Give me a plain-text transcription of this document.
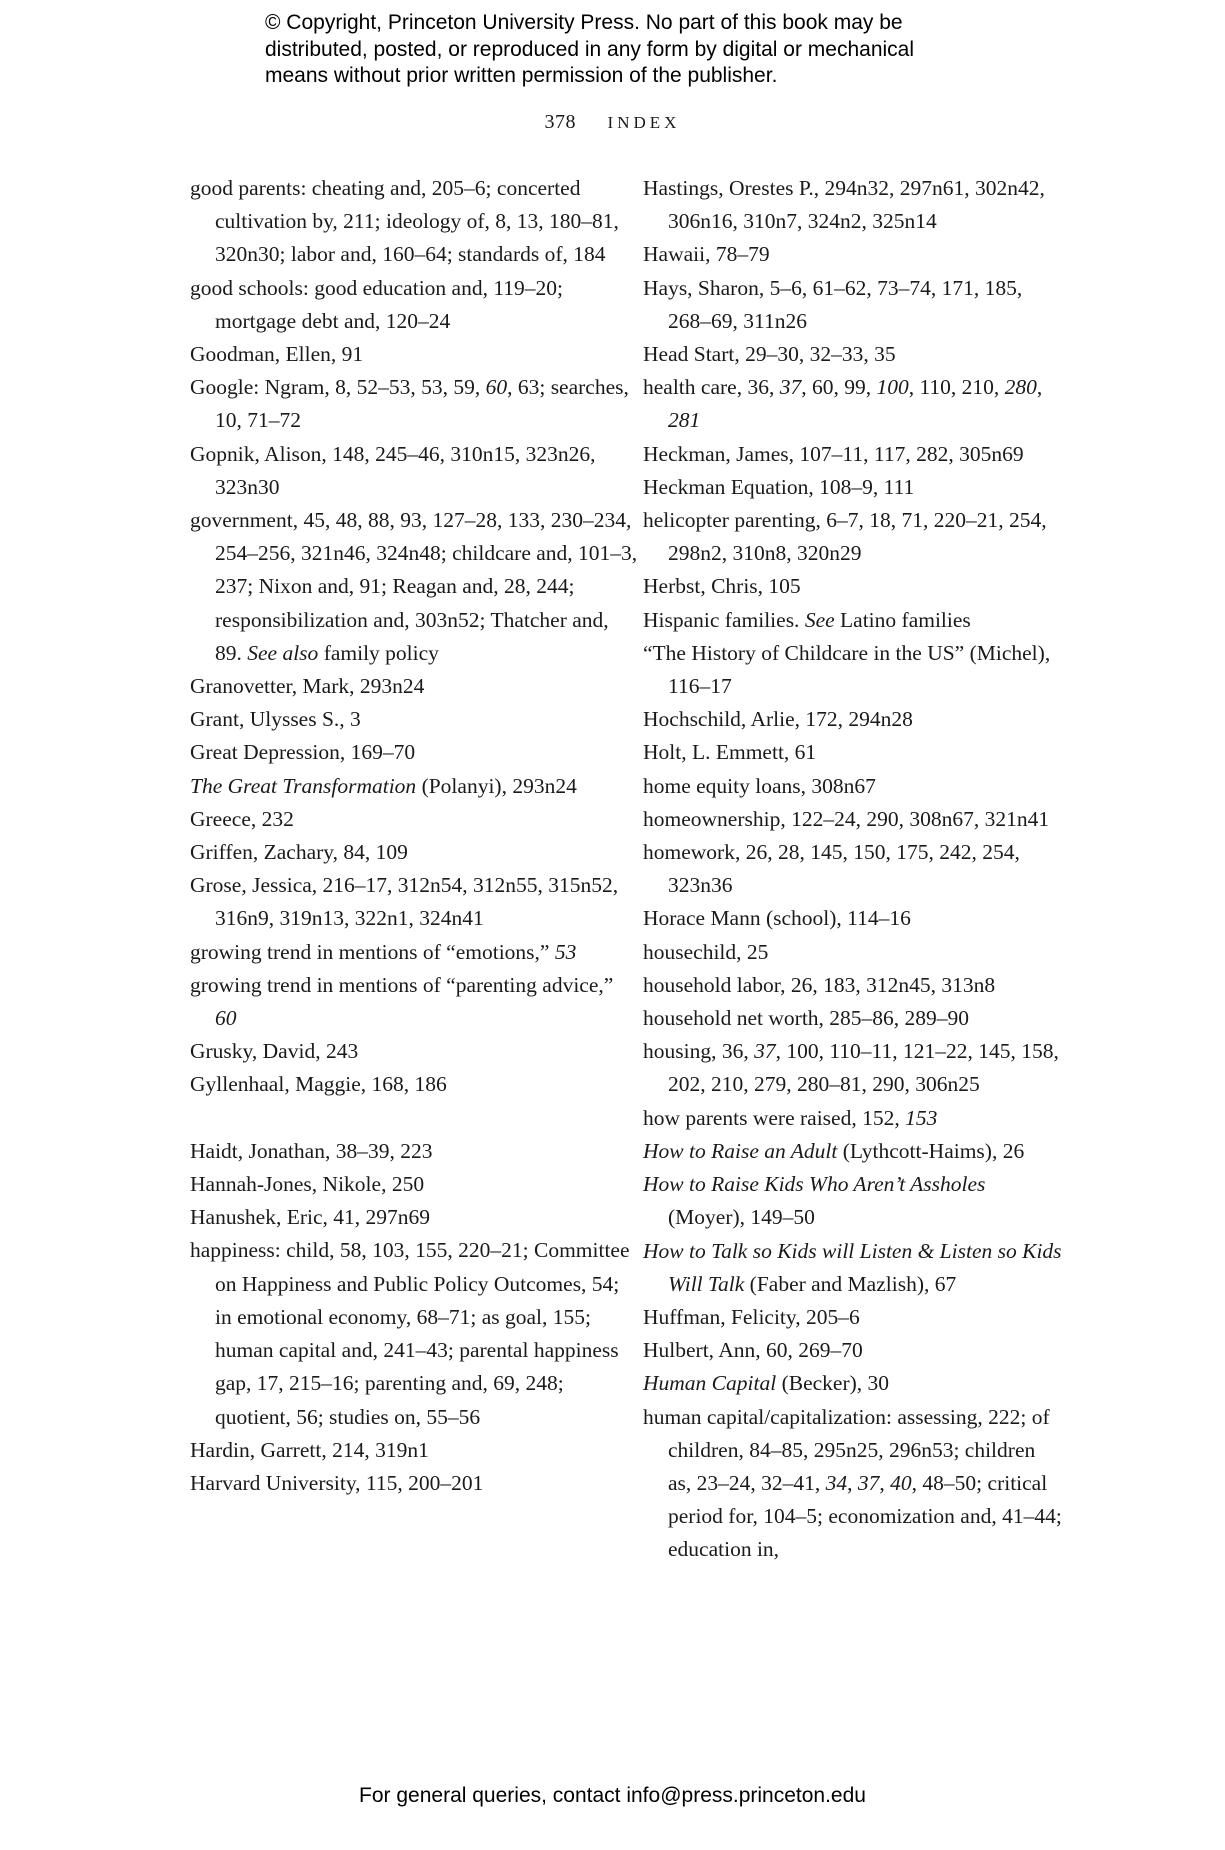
© Copyright, Princeton University Press. No part of this book may be

distributed, posted, or reproduced in any form by digital or mechanical

means without prior written permission of the publisher.

378 INDEX

good parents: cheating and, 205–6; concerted cultivation by, 211; ideology of, 8, 13, 180–81, 320n30; labor and, 160–64; standards of, 184

good schools: good education and, 119–20; mortgage debt and, 120–24

Goodman, Ellen, 91

Google: Ngram, 8, 52–53, 53, 59, 60, 63; searches, 10, 71–72

Gopnik, Alison, 148, 245–46, 310n15, 323n26, 323n30

government, 45, 48, 88, 93, 127–28, 133, 230–234, 254–256, 321n46, 324n48; childcare and, 101–3, 237; Nixon and, 91; Reagan and, 28, 244; responsibilization and, 303n52; Thatcher and, 89. See also family policy

Granovetter, Mark, 293n24

Grant, Ulysses S., 3

Great Depression, 169–70

The Great Transformation (Polanyi), 293n24

Greece, 232

Griffen, Zachary, 84, 109

Grose, Jessica, 216–17, 312n54, 312n55, 315n52, 316n9, 319n13, 322n1, 324n41

growing trend in mentions of “emotions,” 53

growing trend in mentions of “parenting advice,” 60

Grusky, David, 243

Gyllenhaal, Maggie, 168, 186

Haidt, Jonathan, 38–39, 223

Hannah-Jones, Nikole, 250

Hanushek, Eric, 41, 297n69

happiness: child, 58, 103, 155, 220–21; Committee on Happiness and Public Policy Outcomes, 54; in emotional economy, 68–71; as goal, 155; human capital and, 241–43; parental happiness gap, 17, 215–16; parenting and, 69, 248; quotient, 56; studies on, 55–56

Hardin, Garrett, 214, 319n1

Harvard University, 115, 200–201

Hastings, Orestes P., 294n32, 297n61, 302n42, 306n16, 310n7, 324n2, 325n14

Hawaii, 78–79

Hays, Sharon, 5–6, 61–62, 73–74, 171, 185, 268–69, 311n26

Head Start, 29–30, 32–33, 35

health care, 36, 37, 60, 99, 100, 110, 210, 280, 281

Heckman, James, 107–11, 117, 282, 305n69

Heckman Equation, 108–9, 111

helicopter parenting, 6–7, 18, 71, 220–21, 254, 298n2, 310n8, 320n29

Herbst, Chris, 105

Hispanic families. See Latino families

“The History of Childcare in the US” (Michel), 116–17

Hochschild, Arlie, 172, 294n28

Holt, L. Emmett, 61

home equity loans, 308n67

homeownership, 122–24, 290, 308n67, 321n41

homework, 26, 28, 145, 150, 175, 242, 254, 323n36

Horace Mann (school), 114–16

housechild, 25

household labor, 26, 183, 312n45, 313n8

household net worth, 285–86, 289–90

housing, 36, 37, 100, 110–11, 121–22, 145, 158, 202, 210, 279, 280–81, 290, 306n25

how parents were raised, 152, 153

How to Raise an Adult (Lythcott-Haims), 26

How to Raise Kids Who Aren’t Assholes (Moyer), 149–50

How to Talk so Kids will Listen & Listen so Kids Will Talk (Faber and Mazlish), 67

Huffman, Felicity, 205–6

Hulbert, Ann, 60, 269–70

Human Capital (Becker), 30

human capital/capitalization: assessing, 222; of children, 84–85, 295n25, 296n53; children as, 23–24, 32–41, 34, 37, 40, 48–50; critical period for, 104–5; economization and, 41–44; education in,

For general queries, contact info@press.princeton.edu
